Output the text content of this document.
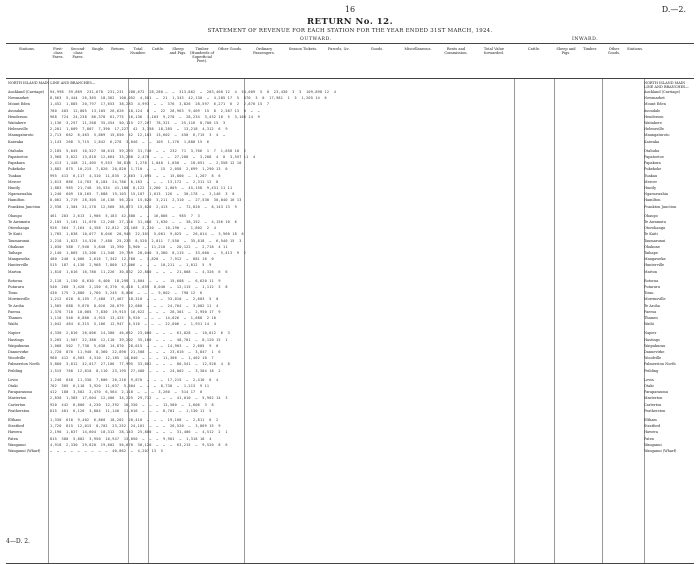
16	D.—2.
RETURN No. 12.
STATEMENT OF REVENUE FOR EACH STATION FOR THE YEAR ENDED 31ST MARCH, 1924.
OUTWARD.	INWARD.
Stations.	First-class Fares.
Second-class Fares.
Single.	Return.	Total Number.
Cattle.	Sheep and Pigs.
Timber (Hundreds of Superficial Feet).
Other Goods.	Ordinary Passengers.
Season Tickets.	Parcels, &c.	Goods.	Miscellaneous.	Rents and Commission.
Total Value forwarded.
Cattle.	Sheep and Pigs.
Timber.	Other Goods.
Stations.
NORTH ISLAND MAIN LINE AND BRANCHES—	NORTH ISLAND MAIN LINE AND BRANCHES—
Auckland (Carriage)	94,998  59,869  231,678  231,231  288,672  28,280 …  …  313,862  …  283,460 12  4  54,009  5  0  23,436  3  3  109,898 12  4	Auckland (Carriage)
Newmarket	8,563  5,444  26,365  18,362  100,052  4,501  …  21  1,343  42,130  …  4,285 17  5  870  3  0  17,981  1  5  1,205 14  6	Newmarket
Mount Eden	1,452  1,085  20,797  17,653  38,283  4,993  …  …  376  3,826  28,597  6,271  6  2  2,870 15  7	Mount Eden
Avondale	780  403  12,005  13,105  26,626  10,124  8  …  22  28,963  9,409  15  8  2,587 13  0  …  …	Avondale
Henderson	968  724  24,238  86,378  61,775  16,136  1,103  9,270  …  28,234  3,432 18  5  3,160 14  9	Henderson
Waitakere	1,136  3,257  11,268  35,454  50,115  27,207  78,321  …  25,116  8,700 15  3	Waitakere
Helensville	2,201  1,009  7,807  7,390  17,227  42  3,358  18,285  …  13,218  4,312  6  9	Helensville
Maungaturoto	2,713  662  6,463  5,809  15,650  42  12,103  13,602  …  450  6,715  3  4  …	Maungaturoto
Kaiwaka	1,143  268  3,715  1,842  6,278  3,046  …  …  105  1,170  1,880 15  6	Kaiwaka
Otahuhu	2,185  5,045  10,527  30,613  59,293  31,740  …  …  232  71  3,766  1  7  1,658 10  2	Otahuhu
Papatoetoe	3,968  3,022  13,818  12,664  33,268  2,470  …  …  …  27,208  …  3,208  4  0  3,557 11  4	Papatoetoe
Papakura	2,413  1,448  21,405  9,553  30,818  1,278  1,040  1,050  …  18,051  …  2,558 12 10	Papakura
Pukekohe	1,882  875  10,215  7,820  20,820  1,710  …  …  15  2,058  2,699  1,290 13  0	Pukekohe
Tuakau	995  413  6,117  4,310  11,835  2,463  1,095  …  …  15,800  …  1,207  8  6	Tuakau
Mercer	1,613  886  14,703  8,184  24,786  6,183  …  …  …  13,172  …  2,311 12  8	Mercer
Huntly	1,883  985  21,748  16,534  41,180  8,122  1,260  2,005  …  45,158  9,431 11 11	Huntly
Ngaruawahia	1,240  609  10,165  7,088  19,103  15,107  1,013  126  …  30,178  …  2,146  3  0	Ngaruawahia
Hamilton	8,062  3,719  28,305  16,138  56,224  15,020  3,211  2,310  …  27,530  30,040 16 13	Hamilton
Frankton Junction	2,938  1,304  21,270  12,560  38,073  15,820  2,413  …  …  72,820  …  8,143 13  9	Frankton Junction
Ohaupo	461  203  2,613  1,906  5,183  42,308  …  …  16,806  …  985  7  3	Ohaupo
Te Awamutu	2,105  1,101  11,670  12,240  27,116  31,460  1,030  …  …  38,152  …  4,156 10  6	Te Awamutu
Otorohanga	926  364  7,164  4,358  12,812  23,168  2,210  …  10,190  …  1,802  2  4	Otorohanga
Te Kuiti	1,785  1,038  10,077  8,046  20,946  22,301  5,081  9,025  …  26,014  …  3,960 18  6	Te Kuiti
Taumarunui	2,210  1,023  14,520  7,480  25,233  8,520  2,011  7,550  …  35,818  …  6,540 15  3	Taumarunui
Ohakune	1,030  580  7,940  5,840  15,390  3,900  …  11,210  …  20,122  …  2,718  4 11	Ohakune
Taihape	2,140  1,065  15,206  11,348  29,759  28,040  3,380  8,115  …  33,060  …  5,413  9  2	Taihape
Mangaweka	480  240  4,006  2,616  7,342  12,760  …  1,820  …  7,912  …  881 16  0	Mangaweka
Hunterville	515  187  4,130  2,968  7,800  17,006  …  …  …  10,211  …  1,012  5  9	Hunterville
Marton	1,810  1,016  16,780  11,226  30,832  22,880  …  …  …  21,008  …  4,326  6  6	Marton
Rotorua	2,118  1,150  8,630  6,400  18,298  1,804  …  …  …  15,608  …  6,620 11  9	Rotorua
Putaruru	540  260  3,420  2,150  6,370  6,410  1,055  8,040  …  12,115  …  1,112  3  8	Putaruru
Tirau	430  175  2,880  1,760  5,245  8,006  …  …  …  9,802  …  790 12  6	Tirau
Morrinsville	1,212  620  8,155  7,480  17,467  18,310  …  …  …  33,010  …  2,603  5  0	Morrinsville
Te Aroha	1,505  688  9,870  8,016  20,079  12,080  …  …  …  24,704  …  3,002 11  4	Te Aroha
Paeroa	1,370  710  10,005  7,830  19,915  16,622  …  …  …  28,301  …  2,950 17  9	Paeroa
Thames	1,110  540  6,860  4,915  13,425  5,920  …  …  …  14,026  …  1,688  2 10	Thames
Waihi	1,042  484  6,315  5,106  12,947  4,510  …  …  …  22,006  …  1,931 14  4	Waihi
Napier	4,330  2,016  26,006  14,300  46,652  23,000  …  …  …  61,028  …  10,812  6  3	Napier
Hastings	3,205  1,507  22,380  12,110  39,202  35,160  …  …  …  48,701  …  8,120 15  1	Hastings
Waipukurau	1,008  502  7,730  5,630  14,870  28,015  …  …  …  14,903  …  2,605  9  0	Waipukurau
Dannevirke	1,720  870  11,940  8,360  22,890  21,508  …  …  …  23,016  …  3,847  1  6	Dannevirke
Woodville	960  412  6,503  4,310  12,185  14,040  …  …  …  11,306  …  1,402 10  7	Woodville
Palmerston North	5,860  3,012  42,017  27,106  77,995  33,002  …  …  …  80,541  …  12,920  4  8	Palmerston North
Feilding	1,515  760  12,810  8,110  23,195  27,480  …  …  …  24,002  …  3,304 18  2	Feilding
Levin	1,240  640  11,330  7,006  20,216  9,870  …  …  …  17,215  …  2,410  6  4	Levin
Otaki	702  305  6,110  3,920  11,037  5,504  …  …  …  8,730  …  1,213  9 11	Otaki
Paraparaumu	412  180  3,502  2,470  6,564  2,110  …  …  …  3,260  …  514 17  0	Paraparaumu
Masterton	2,830  1,385  17,604  12,406  34,225  29,712  …  …  …  41,010  …  5,902 14  3	Masterton
Carterton	920  442  6,800  4,230  12,392  16,330  …  …  …  12,580  …  1,606  3  8	Carterton
Featherston	815  401  6,120  3,804  11,140  11,016  …  …  …  8,701  …  1,130 11  5	Featherston
Eltham	1,330  610  9,402  6,860  18,202  20,410  …  …  …  19,108  …  2,811  6  2	Eltham
Stratford	1,720  815  12,015  8,702  23,252  24,101  …  …  …  26,520  …  3,809 15  9	Stratford
Hawera	2,190  1,037  14,604  10,312  28,143  25,880  …  …  …  31,406  …  4,512  2  1	Hawera
Patea	815  380  5,802  3,950  10,947  13,050  …  …  …  9,901  …  1,318 10  4	Patea
Wanganui	4,918  2,330  29,820  19,602  56,670  30,120  …  …  …  63,215  …  9,520  8  6	Wanganui
Wanganui (Wharf)	…  …  …  …  …  …  …  …  …  40,862  …  4,207 13  5	Wanganui (Wharf)
4—D. 2.
